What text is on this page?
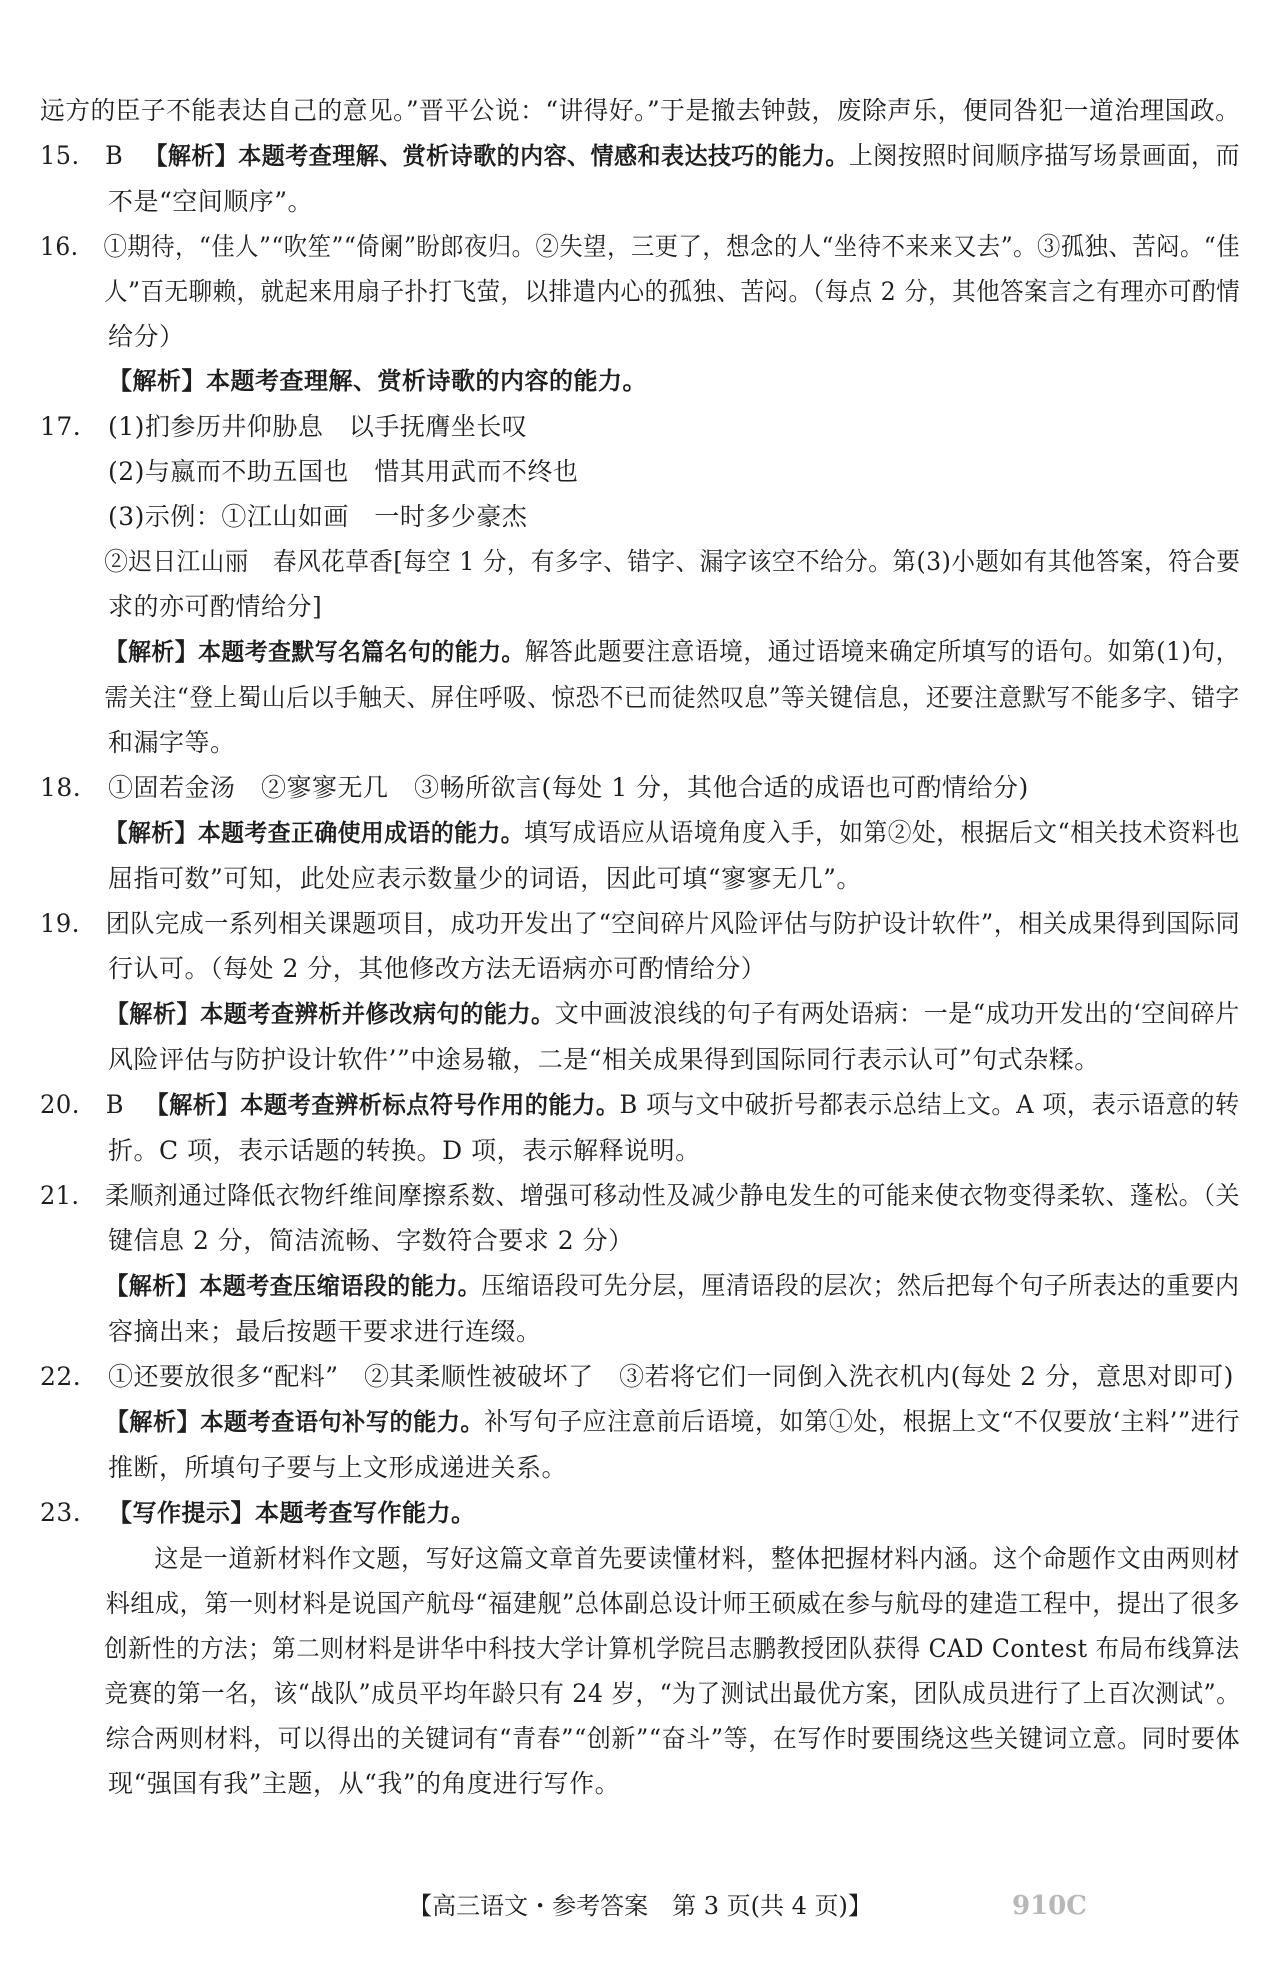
远方的臣子不能表达自己的意见。”晋平公说：“讲得好。”于是撤去钟鼓，废除声乐，便同咎犯一道治理国政。
15. B 【解析】本题考查理解、赏析诗歌的内容、情感和表达技巧的能力。上阕按照时间顺序描写场景画面，而
不是“空间顺序”。
16. ①期待，“佳人”“吹笙”“倚阑”盼郎夜归。②失望，三更了，想念的人“坐待不来来又去”。③孤独、苦闷。“佳
人”百无聊赖，就起来用扇子扑打飞萤，以排遣内心的孤独、苦闷。（每点 2 分，其他答案言之有理亦可酌情
给分）
【解析】本题考查理解、赏析诗歌的内容的能力。
17. (1)扪参历井仰胁息　以手抚膺坐长叹
(2)与嬴而不助五国也　惜其用武而不终也
(3)示例：①江山如画　一时多少豪杰
②迟日江山丽　春风花草香[每空 1 分，有多字、错字、漏字该空不给分。第(3)小题如有其他答案，符合要
求的亦可酌情给分]
【解析】本题考查默写名篇名句的能力。解答此题要注意语境，通过语境来确定所填写的语句。如第(1)句，
需关注“登上蜀山后以手触天、屏住呼吸、惊恐不已而徒然叹息”等关键信息，还要注意默写不能多字、错字
和漏字等。
18. ①固若金汤　②寥寥无几　③畅所欲言(每处 1 分，其他合适的成语也可酌情给分)
【解析】本题考查正确使用成语的能力。填写成语应从语境角度入手，如第②处，根据后文“相关技术资料也
屈指可数”可知，此处应表示数量少的词语，因此可填“寥寥无几”。
19. 团队完成一系列相关课题项目，成功开发出了“空间碎片风险评估与防护设计软件”，相关成果得到国际同
行认可。（每处 2 分，其他修改方法无语病亦可酌情给分）
【解析】本题考查辨析并修改病句的能力。文中画波浪线的句子有两处语病：一是“成功开发出的‘空间碎片
风险评估与防护设计软件’”中途易辙，二是“相关成果得到国际同行表示认可”句式杂糅。
20. B 【解析】本题考查辨析标点符号作用的能力。B 项与文中破折号都表示总结上文。A 项，表示语意的转
折。C 项，表示话题的转换。D 项，表示解释说明。
21. 柔顺剂通过降低衣物纤维间摩擦系数、增强可移动性及减少静电发生的可能来使衣物变得柔软、蓬松。（关
键信息 2 分，简洁流畅、字数符合要求 2 分）
【解析】本题考查压缩语段的能力。压缩语段可先分层，厘清语段的层次；然后把每个句子所表达的重要内
容摘出来；最后按题干要求进行连缀。
22. ①还要放很多“配料”　②其柔顺性被破坏了　③若将它们一同倒入洗衣机内(每处 2 分，意思对即可)
【解析】本题考查语句补写的能力。补写句子应注意前后语境，如第①处，根据上文“不仅要放‘主料’”进行
推断，所填句子要与上文形成递进关系。
23. 【写作提示】本题考查写作能力。
这是一道新材料作文题，写好这篇文章首先要读懂材料，整体把握材料内涵。这个命题作文由两则材
料组成，第一则材料是说国产航母“福建舰”总体副总设计师王硕威在参与航母的建造工程中，提出了很多
创新性的方法；第二则材料是讲华中科技大学计算机学院吕志鹏教授团队获得 CAD Contest 布局布线算法
竞赛的第一名，该“战队”成员平均年龄只有 24 岁，“为了测试出最优方案，团队成员进行了上百次测试”。
综合两则材料，可以得出的关键词有“青春”“创新”“奋斗”等，在写作时要围绕这些关键词立意。同时要体
现“强国有我”主题，从“我”的角度进行写作。
【高三语文・参考答案　第 3 页(共 4 页)】	910C
